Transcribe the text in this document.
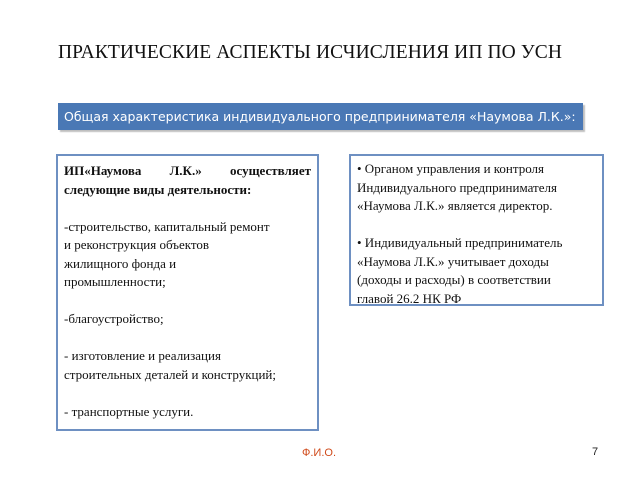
ПРАКТИЧЕСКИЕ АСПЕКТЫ ИСЧИСЛЕНИЯ ИП ПО УСН
Общая характеристика индивидуального предпринимателя «Наумова Л.К.»:
ИП«Наумова Л.К.» осуществляет
следующие виды деятельности:

-строительство, капитальный ремонт

и реконструкция объектов

жилищного фонда и

промышленности;

-благоустройство;

- изготовление и реализация

строительных деталей и конструкций;

- транспортные услуги.

• Органом управления и контроля

Индивидуального предпринимателя

«Наумова Л.К.» является директор.

• Индивидуальный предприниматель

«Наумова Л.К.» учитывает доходы

(доходы и расходы) в соответствии

главой 26.2 НК РФ

Ф.И.О.	7
